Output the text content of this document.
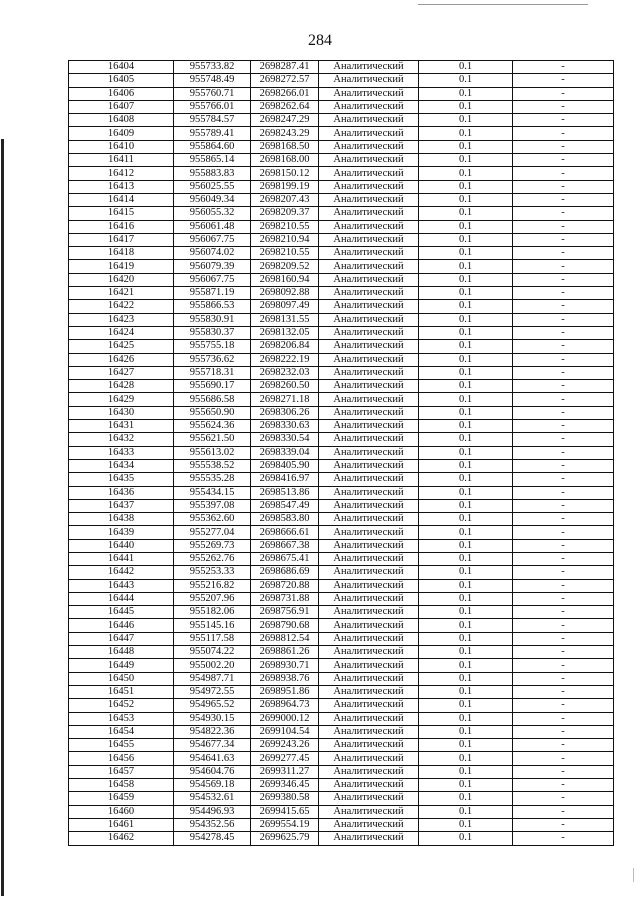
284
16404	955733.82	2698287.41	Аналитический	0.1	-
16405	955748.49	2698272.57	Аналитический	0.1	-
16406	955760.71	2698266.01	Аналитический	0.1	-
16407	955766.01	2698262.64	Аналитический	0.1	-
16408	955784.57	2698247.29	Аналитический	0.1	-
16409	955789.41	2698243.29	Аналитический	0.1	-
16410	955864.60	2698168.50	Аналитический	0.1	-
16411	955865.14	2698168.00	Аналитический	0.1	-
16412	955883.83	2698150.12	Аналитический	0.1	-
16413	956025.55	2698199.19	Аналитический	0.1	-
16414	956049.34	2698207.43	Аналитический	0.1	-
16415	956055.32	2698209.37	Аналитический	0.1	-
16416	956061.48	2698210.55	Аналитический	0.1	-
16417	956067.75	2698210.94	Аналитический	0.1	-
16418	956074.02	2698210.55	Аналитический	0.1	-
16419	956079.39	2698209.52	Аналитический	0.1	-
16420	956067.75	2698160.94	Аналитический	0.1	-
16421	955871.19	2698092.88	Аналитический	0.1	-
16422	955866.53	2698097.49	Аналитический	0.1	-
16423	955830.91	2698131.55	Аналитический	0.1	-
16424	955830.37	2698132.05	Аналитический	0.1	-
16425	955755.18	2698206.84	Аналитический	0.1	-
16426	955736.62	2698222.19	Аналитический	0.1	-
16427	955718.31	2698232.03	Аналитический	0.1	-
16428	955690.17	2698260.50	Аналитический	0.1	-
16429	955686.58	2698271.18	Аналитический	0.1	-
16430	955650.90	2698306.26	Аналитический	0.1	-
16431	955624.36	2698330.63	Аналитический	0.1	-
16432	955621.50	2698330.54	Аналитический	0.1	-
16433	955613.02	2698339.04	Аналитический	0.1	-
16434	955538.52	2698405.90	Аналитический	0.1	-
16435	955535.28	2698416.97	Аналитический	0.1	-
16436	955434.15	2698513.86	Аналитический	0.1	-
16437	955397.08	2698547.49	Аналитический	0.1	-
16438	955362.60	2698583.80	Аналитический	0.1	-
16439	955277.04	2698666.61	Аналитический	0.1	-
16440	955269.73	2698667.38	Аналитический	0.1	-
16441	955262.76	2698675.41	Аналитический	0.1	-
16442	955253.33	2698686.69	Аналитический	0.1	-
16443	955216.82	2698720.88	Аналитический	0.1	-
16444	955207.96	2698731.88	Аналитический	0.1	-
16445	955182.06	2698756.91	Аналитический	0.1	-
16446	955145.16	2698790.68	Аналитический	0.1	-
16447	955117.58	2698812.54	Аналитический	0.1	-
16448	955074.22	2698861.26	Аналитический	0.1	-
16449	955002.20	2698930.71	Аналитический	0.1	-
16450	954987.71	2698938.76	Аналитический	0.1	-
16451	954972.55	2698951.86	Аналитический	0.1	-
16452	954965.52	2698964.73	Аналитический	0.1	-
16453	954930.15	2699000.12	Аналитический	0.1	-
16454	954822.36	2699104.54	Аналитический	0.1	-
16455	954677.34	2699243.26	Аналитический	0.1	-
16456	954641.63	2699277.45	Аналитический	0.1	-
16457	954604.76	2699311.27	Аналитический	0.1	-
16458	954569.18	2699346.45	Аналитический	0.1	-
16459	954532.61	2699380.58	Аналитический	0.1	-
16460	954496.93	2699415.65	Аналитический	0.1	-
16461	954352.56	2699554.19	Аналитический	0.1	-
16462	954278.45	2699625.79	Аналитический	0.1	-
